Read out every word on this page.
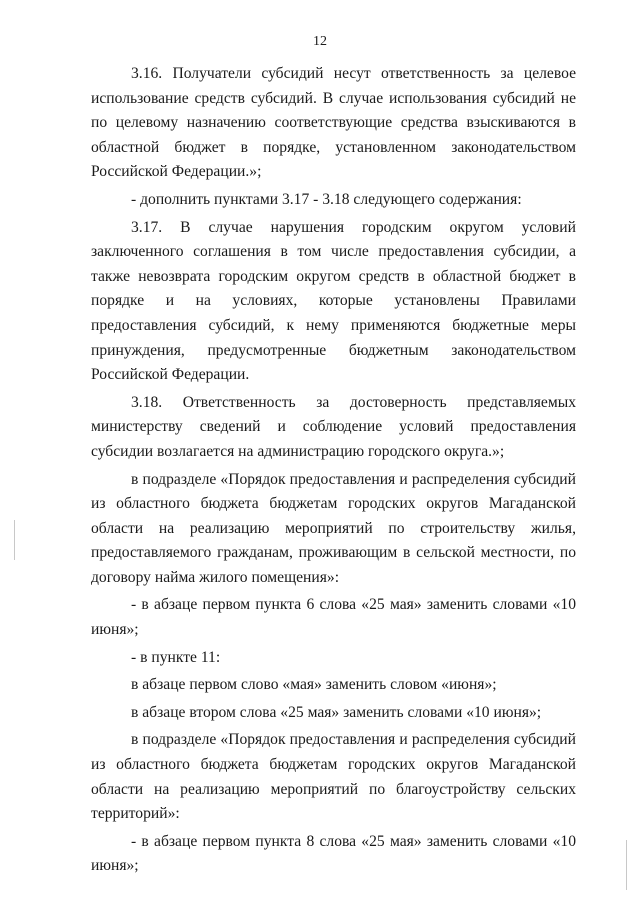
12

3.16. Получатели субсидий несут ответственность за целевое использование средств субсидий. В случае использования субсидий не по целевому назначению соответствующие средства взыскиваются в областной бюджет в порядке, установленном законодательством Российской Федерации.»;

- дополнить пунктами 3.17 - 3.18 следующего содержания:

3.17. В случае нарушения городским округом условий заключенного соглашения в том числе предоставления субсидии, а также невозврата городским округом средств в областной бюджет в порядке и на условиях, которые установлены Правилами предоставления субсидий, к нему применяются бюджетные меры принуждения, предусмотренные бюджетным законодательством Российской Федерации.

3.18. Ответственность за достоверность представляемых министерству сведений и соблюдение условий предоставления субсидии возлагается на администрацию городского округа.»;

в подразделе «Порядок предоставления и распределения субсидий из областного бюджета бюджетам городских округов Магаданской области на реализацию мероприятий по строительству жилья, предоставляемого гражданам, проживающим в сельской местности, по договору найма жилого помещения»:

- в абзаце первом пункта 6 слова «25 мая» заменить словами «10 июня»;

- в пункте 11:

в абзаце первом слово «мая» заменить словом «июня»;

в абзаце втором слова «25 мая» заменить словами «10 июня»;

в подразделе «Порядок предоставления и распределения субсидий из областного бюджета бюджетам городских округов Магаданской области на реализацию мероприятий по благоустройству сельских территорий»:

- в абзаце первом пункта 8 слова «25 мая» заменить словами «10 июня»;
